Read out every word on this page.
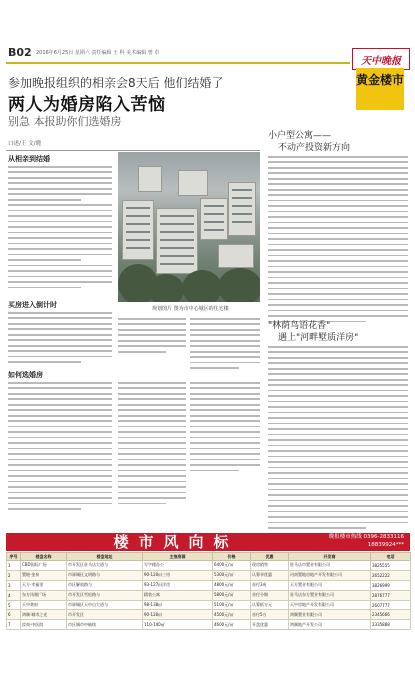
B02 2016年6月25日 星期六 责任编辑 王 科 美术编辑 曾 卓
天中晚报
黄金楼市
参加晚报组织的相亲会8天后 他们结婚了
两人为婚房陷入苦恼
别急 本报助你们选婚房
口述/王 文/晓
从相亲到结婚
规划图片 图为市中心城区的住宅楼
买房进入倒计时
如何选婚房
小户型公寓——
不动产投资新方向
"林荫鸟语花香"
遇上"河畔墅质洋房"
楼市风向标	晚报楼市热线 0396-2833116
18839924***
序号	楼盘名称	楼盘地址	主推房源	价格	优惠	开发商	电话
1	CBD国际广场	市开发区驻马店大道与	写字楼办公	6400元/㎡	现房销售	驻马店市置业有限公司	3825555
2	置地·金泉	市驿城区文明路与	90-120㎡三房	5300元/㎡	认筹享优惠	河南置地房地产开发有限公司	2652222
3	天方·幸福里	市区解放路与	93-127㎡洋房	4800元/㎡	首付3成	天方置业有限公司	3826999
4	东方凤凰广场	市开发区雪松路与	精装公寓	5800元/㎡	首付分期	驻马店东方置业有限公司	2876777
5	天中豪府	市驿城区天中山大道与	98-138㎡	5100元/㎡	认筹抵万元	天中房地产开发有限公司	2607777
6	鸿顺·城市之光	市开发区	90-120㎡	4500元/㎡	首付5万	鸿顺置业有限公司	2345666
7	汝南·中医院	市区城市中轴线	110-140㎡	4600元/㎡	开盘优惠	鸿顺地产开发公司	2335888
